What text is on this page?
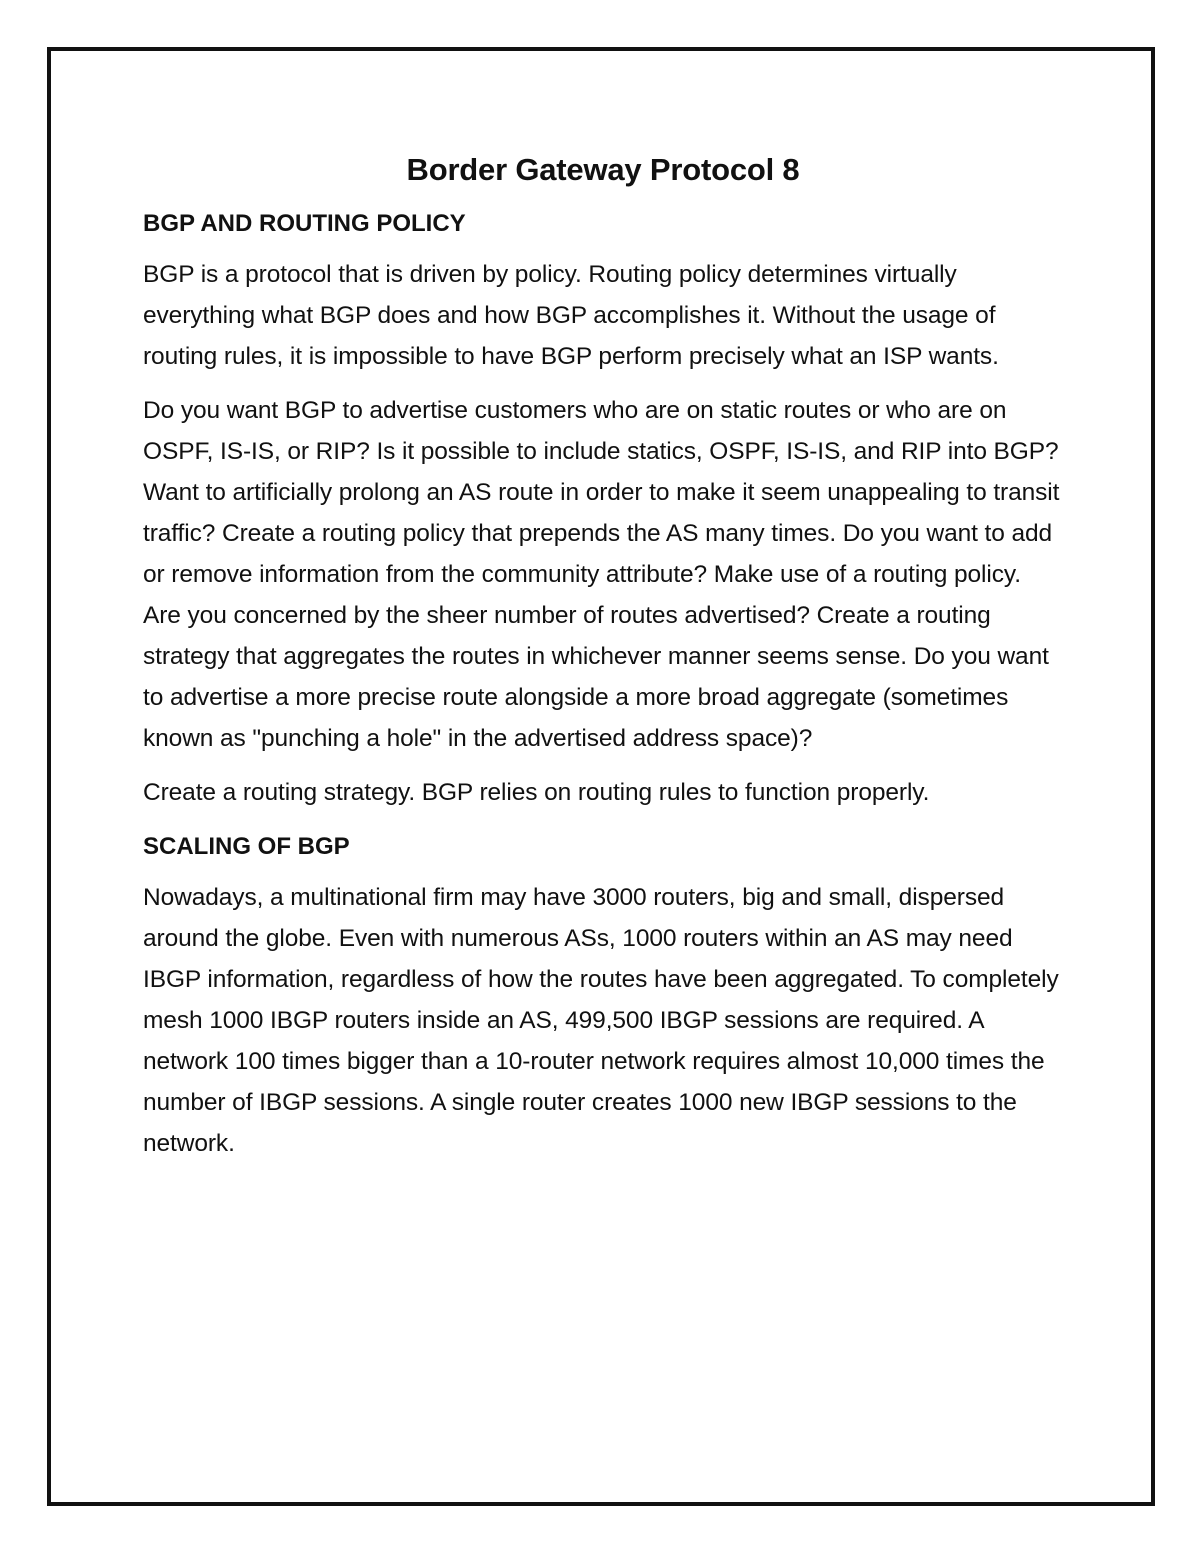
Border Gateway Protocol 8
BGP AND ROUTING POLICY

BGP is a protocol that is driven by policy. Routing policy determines virtually everything what BGP does and how BGP accomplishes it. Without the usage of routing rules, it is impossible to have BGP perform precisely what an ISP wants.

Do you want BGP to advertise customers who are on static routes or who are on OSPF, IS-IS, or RIP? Is it possible to include statics, OSPF, IS-IS, and RIP into BGP? Want to artificially prolong an AS route in order to make it seem unappealing to transit traffic? Create a routing policy that prepends the AS many times. Do you want to add or remove information from the community attribute? Make use of a routing policy. Are you concerned by the sheer number of routes advertised? Create a routing strategy that aggregates the routes in whichever manner seems sense. Do you want to advertise a more precise route alongside a more broad aggregate (sometimes known as "punching a hole" in the advertised address space)?

Create a routing strategy. BGP relies on routing rules to function properly.

SCALING OF BGP

Nowadays, a multinational firm may have 3000 routers, big and small, dispersed around the globe. Even with numerous ASs, 1000 routers within an AS may need IBGP information, regardless of how the routes have been aggregated. To completely mesh 1000 IBGP routers inside an AS, 499,500 IBGP sessions are required. A network 100 times bigger than a 10-router network requires almost 10,000 times the number of IBGP sessions. A single router creates 1000 new IBGP sessions to the network.
